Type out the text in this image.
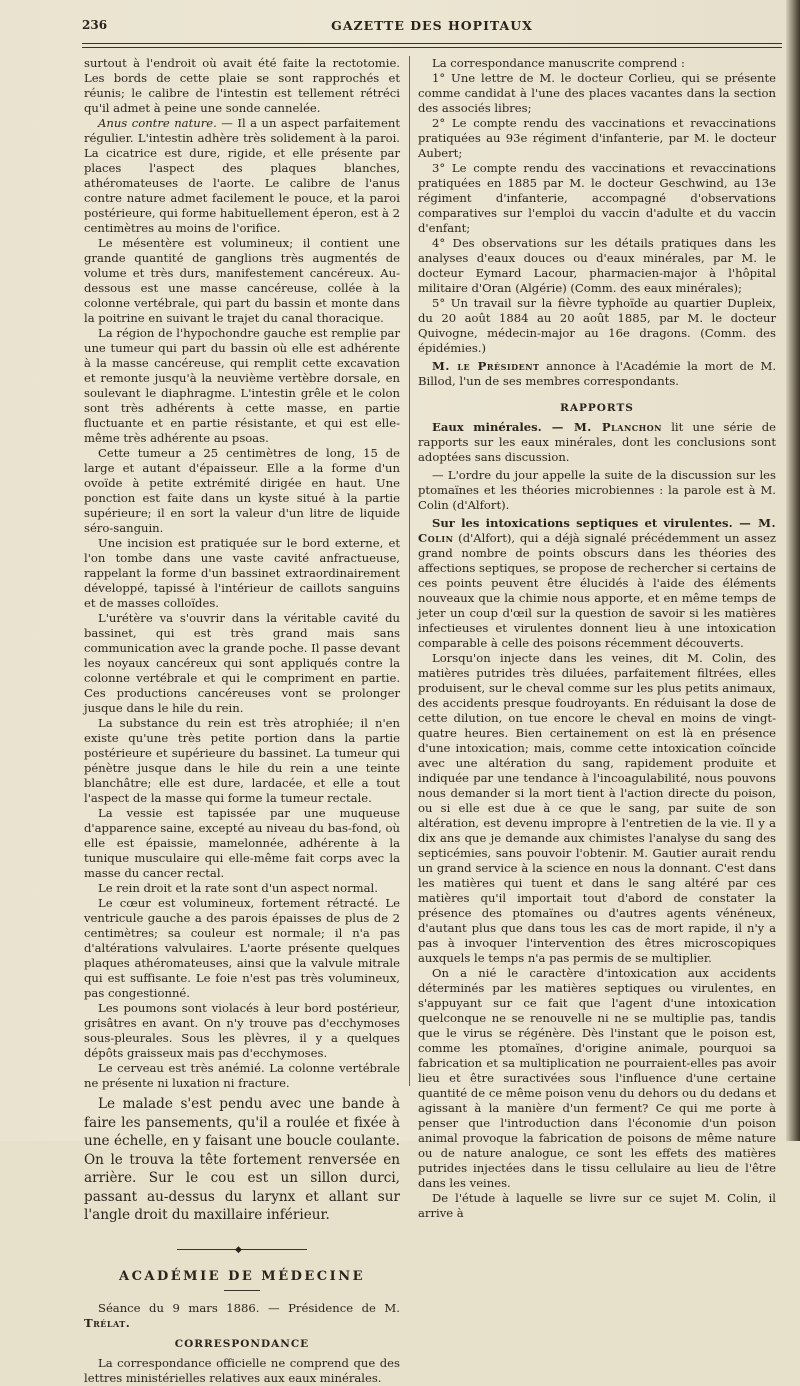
236	GAZETTE DES HOPITAUX

surtout à l'endroit où avait été faite la rectotomie. Les bords de cette plaie se sont rapprochés et réunis; le calibre de l'intestin est tellement rétréci qu'il admet à peine une sonde cannelée.

Anus contre nature. — Il a un aspect parfaitement régulier. L'intestin adhère très solidement à la paroi. La cicatrice est dure, rigide, et elle présente par places l'aspect des plaques blanches, athéromateuses de l'aorte. Le calibre de l'anus contre nature admet facilement le pouce, et la paroi postérieure, qui forme habituellement éperon, est à 2 centimètres au moins de l'orifice.

Le mésentère est volumineux; il contient une grande quantité de ganglions très augmentés de volume et très durs, manifestement cancéreux. Au-dessous est une masse cancéreuse, collée à la colonne vertébrale, qui part du bassin et monte dans la poitrine en suivant le trajet du canal thoracique.

La région de l'hypochondre gauche est remplie par une tumeur qui part du bassin où elle est adhérente à la masse cancéreuse, qui remplit cette excavation et remonte jusqu'à la neuvième vertèbre dorsale, en soulevant le diaphragme. L'intestin grêle et le colon sont très adhérents à cette masse, en partie fluctuante et en partie résistante, et qui est elle-même très adhérente au psoas.

Cette tumeur a 25 centimètres de long, 15 de large et autant d'épaisseur. Elle a la forme d'un ovoïde à petite extrémité dirigée en haut. Une ponction est faite dans un kyste situé à la partie supérieure; il en sort la valeur d'un litre de liquide séro-sanguin.

Une incision est pratiquée sur le bord externe, et l'on tombe dans une vaste cavité anfractueuse, rappelant la forme d'un bassinet extraordinairement développé, tapissé à l'intérieur de caillots sanguins et de masses colloïdes.

L'urétère va s'ouvrir dans la véritable cavité du bassinet, qui est très grand mais sans communication avec la grande poche. Il passe devant les noyaux cancéreux qui sont appliqués contre la colonne vertébrale et qui le compriment en partie. Ces productions cancéreuses vont se prolonger jusque dans le hile du rein.

La substance du rein est très atrophiée; il n'en existe qu'une très petite portion dans la partie postérieure et supérieure du bassinet. La tumeur qui pénètre jusque dans le hile du rein a une teinte blanchâtre; elle est dure, lardacée, et elle a tout l'aspect de la masse qui forme la tumeur rectale.

La vessie est tapissée par une muqueuse d'apparence saine, excepté au niveau du bas-fond, où elle est épaissie, mamelonnée, adhérente à la tunique musculaire qui elle-même fait corps avec la masse du cancer rectal.

Le rein droit et la rate sont d'un aspect normal.

Le cœur est volumineux, fortement rétracté. Le ventricule gauche a des parois épaisses de plus de 2 centimètres; sa couleur est normale; il n'a pas d'altérations valvulaires. L'aorte présente quelques plaques athéromateuses, ainsi que la valvule mitrale qui est suffisante. Le foie n'est pas très volumineux, pas congestionné.

Les poumons sont violacés à leur bord postérieur, grisâtres en avant. On n'y trouve pas d'ecchymoses sous-pleurales. Sous les plèvres, il y a quelques dépôts graisseux mais pas d'ecchymoses.

Le cerveau est très anémié. La colonne vertébrale ne présente ni luxation ni fracture.

Le malade s'est pendu avec une bande à faire les pansements, qu'il a roulée et fixée à une échelle, en y faisant une boucle coulante. On le trouva la tête fortement renversée en arrière. Sur le cou est un sillon durci, passant au-dessus du larynx et allant sur l'angle droit du maxillaire inférieur.

◆
ACADÉMIE DE MÉDECINE

Séance du 9 mars 1886. — Présidence de M. Trélat.

CORRESPONDANCE

La correspondance officielle ne comprend que des lettres ministérielles relatives aux eaux minérales.

La correspondance manuscrite comprend :

1° Une lettre de M. le docteur Corlieu, qui se présente comme candidat à l'une des places vacantes dans la section des associés libres;

2° Le compte rendu des vaccinations et revaccinations pratiquées au 93e régiment d'infanterie, par M. le docteur Aubert;

3° Le compte rendu des vaccinations et revaccinations pratiquées en 1885 par M. le docteur Geschwind, au 13e régiment d'infanterie, accompagné d'observations comparatives sur l'emploi du vaccin d'adulte et du vaccin d'enfant;

4° Des observations sur les détails pratiques dans les analyses d'eaux douces ou d'eaux minérales, par M. le docteur Eymard Lacour, pharmacien-major à l'hôpital militaire d'Oran (Algérie) (Comm. des eaux minérales);

5° Un travail sur la fièvre typhoïde au quartier Dupleix, du 20 août 1884 au 20 août 1885, par M. le docteur Quivogne, médecin-major au 16e dragons. (Comm. des épidémies.)

M. le Président annonce à l'Académie la mort de M. Billod, l'un de ses membres correspondants.

RAPPORTS

Eaux minérales. — M. Planchon lit une série de rapports sur les eaux minérales, dont les conclusions sont adoptées sans discussion.

— L'ordre du jour appelle la suite de la discussion sur les ptomaïnes et les théories microbiennes : la parole est à M. Colin (d'Alfort).

Sur les intoxications septiques et virulentes. — M. Colin (d'Alfort), qui a déjà signalé précédemment un assez grand nombre de points obscurs dans les théories des affections septiques, se propose de rechercher si certains de ces points peuvent être élucidés à l'aide des éléments nouveaux que la chimie nous apporte, et en même temps de jeter un coup d'œil sur la question de savoir si les matières infectieuses et virulentes donnent lieu à une intoxication comparable à celle des poisons récemment découverts.

Lorsqu'on injecte dans les veines, dit M. Colin, des matières putrides très diluées, parfaitement filtrées, elles produisent, sur le cheval comme sur les plus petits animaux, des accidents presque foudroyants. En réduisant la dose de cette dilution, on tue encore le cheval en moins de vingt-quatre heures. Bien certainement on est là en présence d'une intoxication; mais, comme cette intoxication coïncide avec une altération du sang, rapidement produite et indiquée par une tendance à l'incoagulabilité, nous pouvons nous demander si la mort tient à l'action directe du poison, ou si elle est due à ce que le sang, par suite de son altération, est devenu impropre à l'entretien de la vie. Il y a dix ans que je demande aux chimistes l'analyse du sang des septicémies, sans pouvoir l'obtenir. M. Gautier aurait rendu un grand service à la science en nous la donnant. C'est dans les matières qui tuent et dans le sang altéré par ces matières qu'il importait tout d'abord de constater la présence des ptomaïnes ou d'autres agents vénéneux, d'autant plus que dans tous les cas de mort rapide, il n'y a pas à invoquer l'intervention des êtres microscopiques auxquels le temps n'a pas permis de se multiplier.

On a nié le caractère d'intoxication aux accidents déterminés par les matières septiques ou virulentes, en s'appuyant sur ce fait que l'agent d'une intoxication quelconque ne se renouvelle ni ne se multiplie pas, tandis que le virus se régénère. Dès l'instant que le poison est, comme les ptomaïnes, d'origine animale, pourquoi sa fabrication et sa multiplication ne pourraient-elles pas avoir lieu et être suractivées sous l'influence d'une certaine quantité de ce même poison venu du dehors ou du dedans et agissant à la manière d'un ferment? Ce qui me porte à penser que l'introduction dans l'économie d'un poison animal provoque la fabrication de poisons de même nature ou de nature analogue, ce sont les effets des matières putrides injectées dans le tissu cellulaire au lieu de l'être dans les veines.

De l'étude à laquelle se livre sur ce sujet M. Colin, il arrive à
